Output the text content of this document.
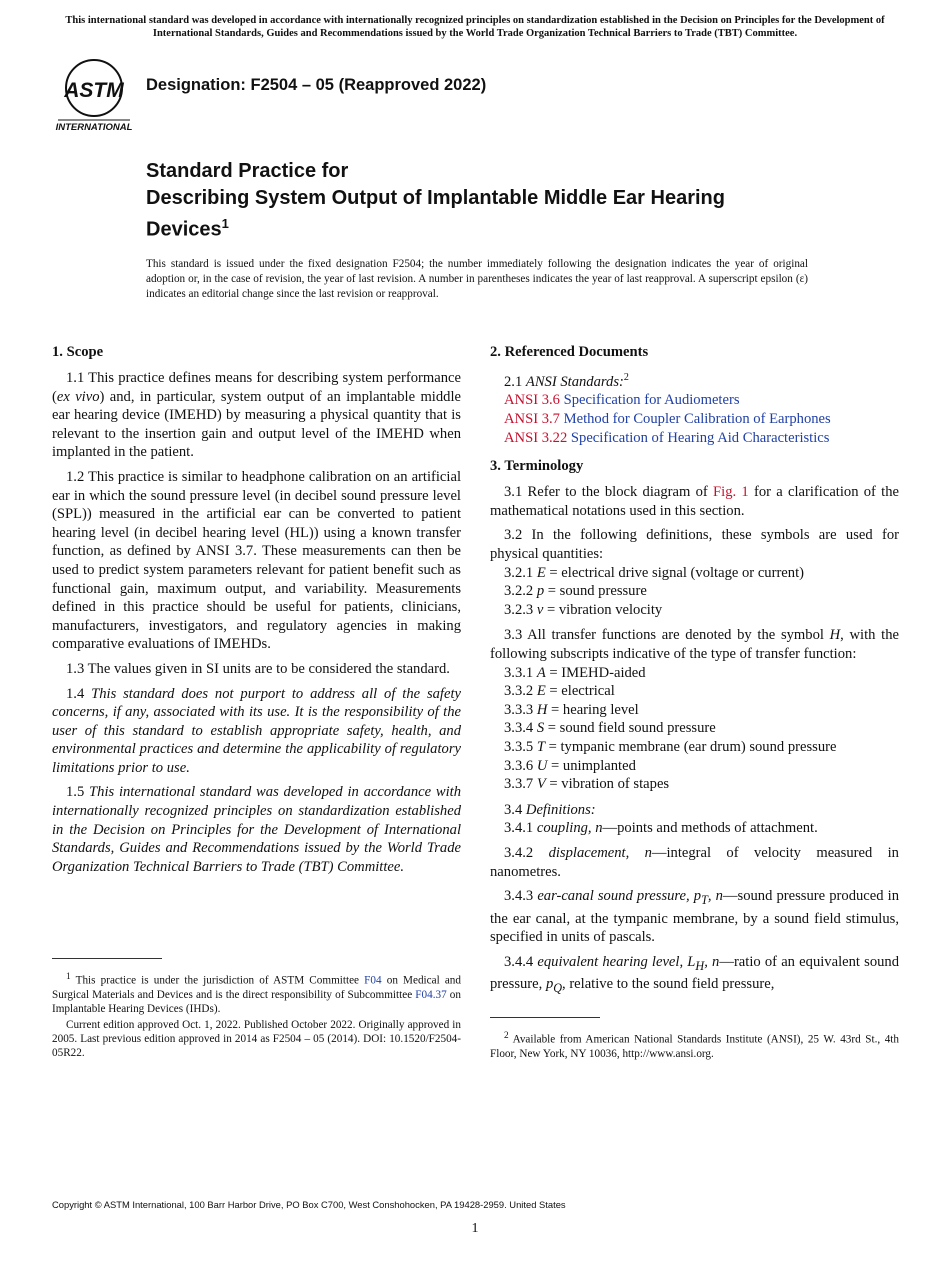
This international standard was developed in accordance with internationally recognized principles on standardization established in the Decision on Principles for the Development of International Standards, Guides and Recommendations issued by the World Trade Organization Technical Barriers to Trade (TBT) Committee.
ASTM
INTERNATIONAL
Designation: F2504 – 05 (Reapproved 2022)
Standard Practice for
Describing System Output of Implantable Middle Ear Hearing Devices$^1$
This standard is issued under the fixed designation F2504; the number immediately following the designation indicates the year of original adoption or, in the case of revision, the year of last revision. A number in parentheses indicates the year of last reapproval. A superscript epsilon (ε) indicates an editorial change since the last revision or reapproval.
1. Scope

1.1 This practice defines means for describing system performance (ex vivo) and, in particular, system output of an implantable middle ear hearing device (IMEHD) by measuring a physical quantity that is relevant to the insertion gain and output level of the IMEHD when implanted in the patient.

1.2 This practice is similar to headphone calibration on an artificial ear in which the sound pressure level (in decibel sound pressure level (SPL)) measured in the artificial ear can be converted to patient hearing level (in decibel hearing level (HL)) using a known transfer function, as defined by ANSI 3.7. These measurements can then be used to predict system parameters relevant for patient benefit such as functional gain, maximum output, and variability. Measurements defined in this practice should be useful for patients, clinicians, manufacturers, investigators, and regulatory agencies in making comparative evaluations of IMEHDs.

1.3 The values given in SI units are to be considered the standard.

1.4 This standard does not purport to address all of the safety concerns, if any, associated with its use. It is the responsibility of the user of this standard to establish appropriate safety, health, and environmental practices and determine the applicability of regulatory limitations prior to use.

1.5 This international standard was developed in accordance with internationally recognized principles on standardization established in the Decision on Principles for the Development of International Standards, Guides and Recommendations issued by the World Trade Organization Technical Barriers to Trade (TBT) Committee.

$^1$ This practice is under the jurisdiction of ASTM Committee F04 on Medical and Surgical Materials and Devices and is the direct responsibility of Subcommittee F04.37 on Implantable Hearing Devices (IHDs).

Current edition approved Oct. 1, 2022. Published October 2022. Originally approved in 2005. Last previous edition approved in 2014 as F2504 – 05 (2014). DOI: 10.1520/F2504-05R22.

2. Referenced Documents

2.1 ANSI Standards:$^2$

ANSI 3.6 Specification for Audiometers

ANSI 3.7 Method for Coupler Calibration of Earphones

ANSI 3.22 Specification of Hearing Aid Characteristics

3. Terminology

3.1 Refer to the block diagram of Fig. 1 for a clarification of the mathematical notations used in this section.

3.2 In the following definitions, these symbols are used for physical quantities:

3.2.1 E = electrical drive signal (voltage or current)

3.2.2 p = sound pressure

3.2.3 v = vibration velocity

3.3 All transfer functions are denoted by the symbol H, with the following subscripts indicative of the type of transfer function:

3.3.1 A = IMEHD-aided

3.3.2 E = electrical

3.3.3 H = hearing level

3.3.4 S = sound field sound pressure

3.3.5 T = tympanic membrane (ear drum) sound pressure

3.3.6 U = unimplanted

3.3.7 V = vibration of stapes

3.4 Definitions:

3.4.1 coupling, n—points and methods of attachment.

3.4.2 displacement, n—integral of velocity measured in nanometres.

3.4.3 ear-canal sound pressure, $p_T$, n—sound pressure produced in the ear canal, at the tympanic membrane, by a sound field stimulus, specified in units of pascals.

3.4.4 equivalent hearing level, $L_H$, n—ratio of an equivalent sound pressure, $p_Q$, relative to the sound field pressure,

$^2$ Available from American National Standards Institute (ANSI), 25 W. 43rd St., 4th Floor, New York, NY 10036, http://www.ansi.org.

Copyright © ASTM International, 100 Barr Harbor Drive, PO Box C700, West Conshohocken, PA 19428-2959. United States
1
